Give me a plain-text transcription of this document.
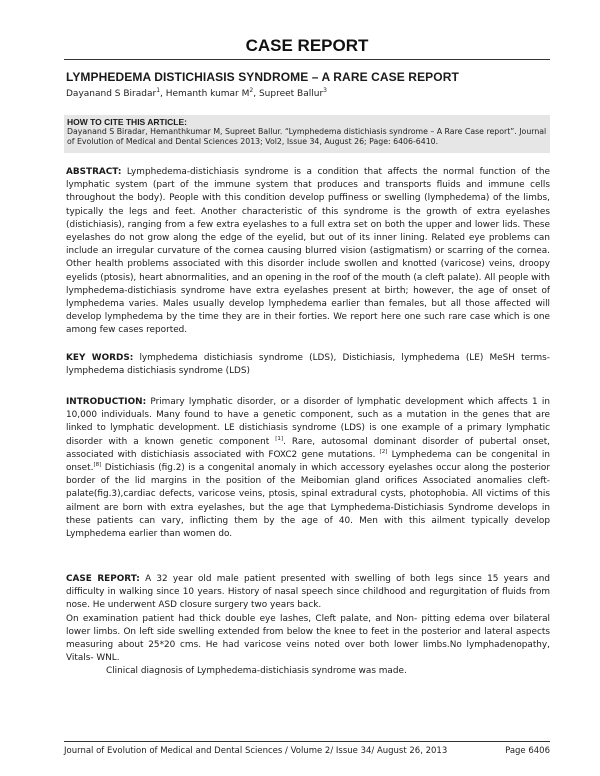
CASE REPORT
LYMPHEDEMA DISTICHIASIS SYNDROME – A RARE CASE REPORT
Dayanand S Biradar$^1$, Hemanth kumar $M^2$, Supreet Ballur$^3$
HOW TO CITE THIS ARTICLE:
Dayanand S Biradar, Hemanthkumar M, Supreet Ballur. “Lymphedema distichiasis syndrome – A Rare Case report”. Journal of Evolution of Medical and Dental Sciences 2013; Vol2, Issue 34, August 26; Page: 6406-6410.
ABSTRACT: Lymphedema-distichiasis syndrome is a condition that affects the normal function of the lymphatic system (part of the immune system that produces and transports fluids and immune cells throughout the body). People with this condition develop puffiness or swelling (lymphedema) of the limbs, typically the legs and feet. Another characteristic of this syndrome is the growth of extra eyelashes (distichiasis), ranging from a few extra eyelashes to a full extra set on both the upper and lower lids. These eyelashes do not grow along the edge of the eyelid, but out of its inner lining. Related eye problems can include an irregular curvature of the cornea causing blurred vision (astigmatism) or scarring of the cornea. Other health problems associated with this disorder include swollen and knotted (varicose) veins, droopy eyelids (ptosis), heart abnormalities, and an opening in the roof of the mouth (a cleft palate). All people with lymphedema-distichiasis syndrome have extra eyelashes present at birth; however, the age of onset of lymphedema varies. Males usually develop lymphedema earlier than females, but all those affected will develop lymphedema by the time they are in their forties. We report here one such rare case which is one among few cases reported.
KEY WORDS: lymphedema distichiasis syndrome (LDS), Distichiasis, lymphedema (LE) MeSH terms- lymphedema distichiasis syndrome (LDS)
INTRODUCTION: Primary lymphatic disorder, or a disorder of lymphatic development which affects 1 in 10,000 individuals. Many found to have a genetic component, such as a mutation in the genes that are linked to lymphatic development. LE distichiasis syndrome (LDS) is one example of a primary lymphatic disorder with a known genetic component [1]. Rare, autosomal dominant disorder of pubertal onset, associated with distichiasis associated with FOXC2 gene mutations. [2] Lymphedema can be congenital in onset.[8] Distichiasis (fig.2) is a congenital anomaly in which accessory eyelashes occur along the posterior border of the lid margins in the position of the Meibomian gland orifices Associated anomalies cleft-palate(fig.3),cardiac defects, varicose veins, ptosis, spinal extradural cysts, photophobia. All victims of this ailment are born with extra eyelashes, but the age that Lymphedema-Distichiasis Syndrome develops in these patients can vary, inflicting them by the age of 40. Men with this ailment typically develop Lymphedema earlier than women do.
CASE REPORT: A 32 year old male patient presented with swelling of both legs since 15 years and difficulty in walking since 10 years. History of nasal speech since childhood and regurgitation of fluids from nose. He underwent ASD closure surgery two years back.
On examination patient had thick double eye lashes, Cleft palate, and Non- pitting edema over bilateral lower limbs. On left side swelling extended from below the knee to feet in the posterior and lateral aspects measuring about 25*20 cms. He had varicose veins noted over both lower limbs.No lymphadenopathy, Vitals- WNL.
Clinical diagnosis of Lymphedema-distichiasis syndrome was made.
Journal of Evolution of Medical and Dental Sciences / Volume 2/ Issue 34/ August 26, 2013	Page 6406
